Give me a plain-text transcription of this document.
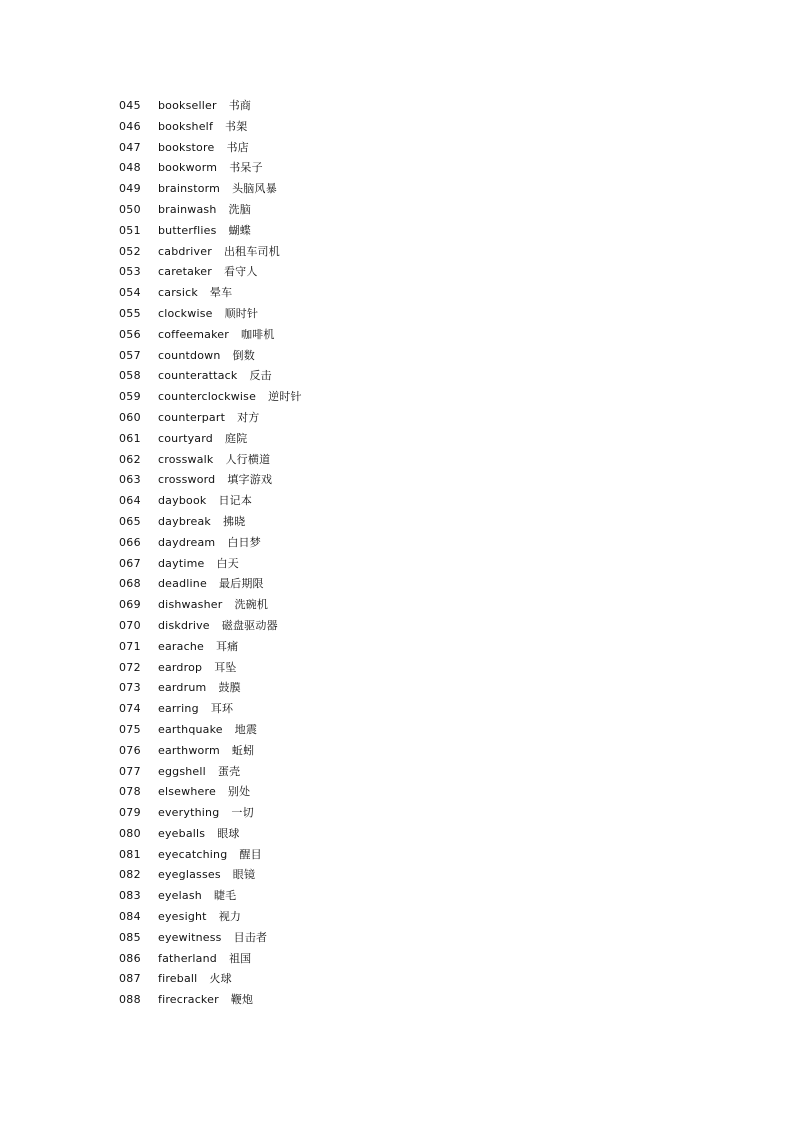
045	bookseller 书商
046	bookshelf 书架
047	bookstore 书店
048	bookworm 书呆子
049	brainstorm 头脑风暴
050	brainwash 洗脑
051	butterflies 蝴蝶
052	cabdriver 出租车司机
053	caretaker 看守人
054	carsick 晕车
055	clockwise 顺时针
056	coffeemaker 咖啡机
057	countdown 倒数
058	counterattack 反击
059	counterclockwise 逆时针
060	counterpart 对方
061	courtyard 庭院
062	crosswalk 人行横道
063	crossword 填字游戏
064	daybook 日记本
065	daybreak 拂晓
066	daydream 白日梦
067	daytime 白天
068	deadline 最后期限
069	dishwasher 洗碗机
070	diskdrive 磁盘驱动器
071	earache 耳痛
072	eardrop 耳坠
073	eardrum 鼓膜
074	earring 耳环
075	earthquake 地震
076	earthworm 蚯蚓
077	eggshell 蛋壳
078	elsewhere 别处
079	everything 一切
080	eyeballs 眼球
081	eyecatching 醒目
082	eyeglasses 眼镜
083	eyelash 睫毛
084	eyesight 视力
085	eyewitness 目击者
086	fatherland 祖国
087	fireball 火球
088	firecracker 鞭炮
